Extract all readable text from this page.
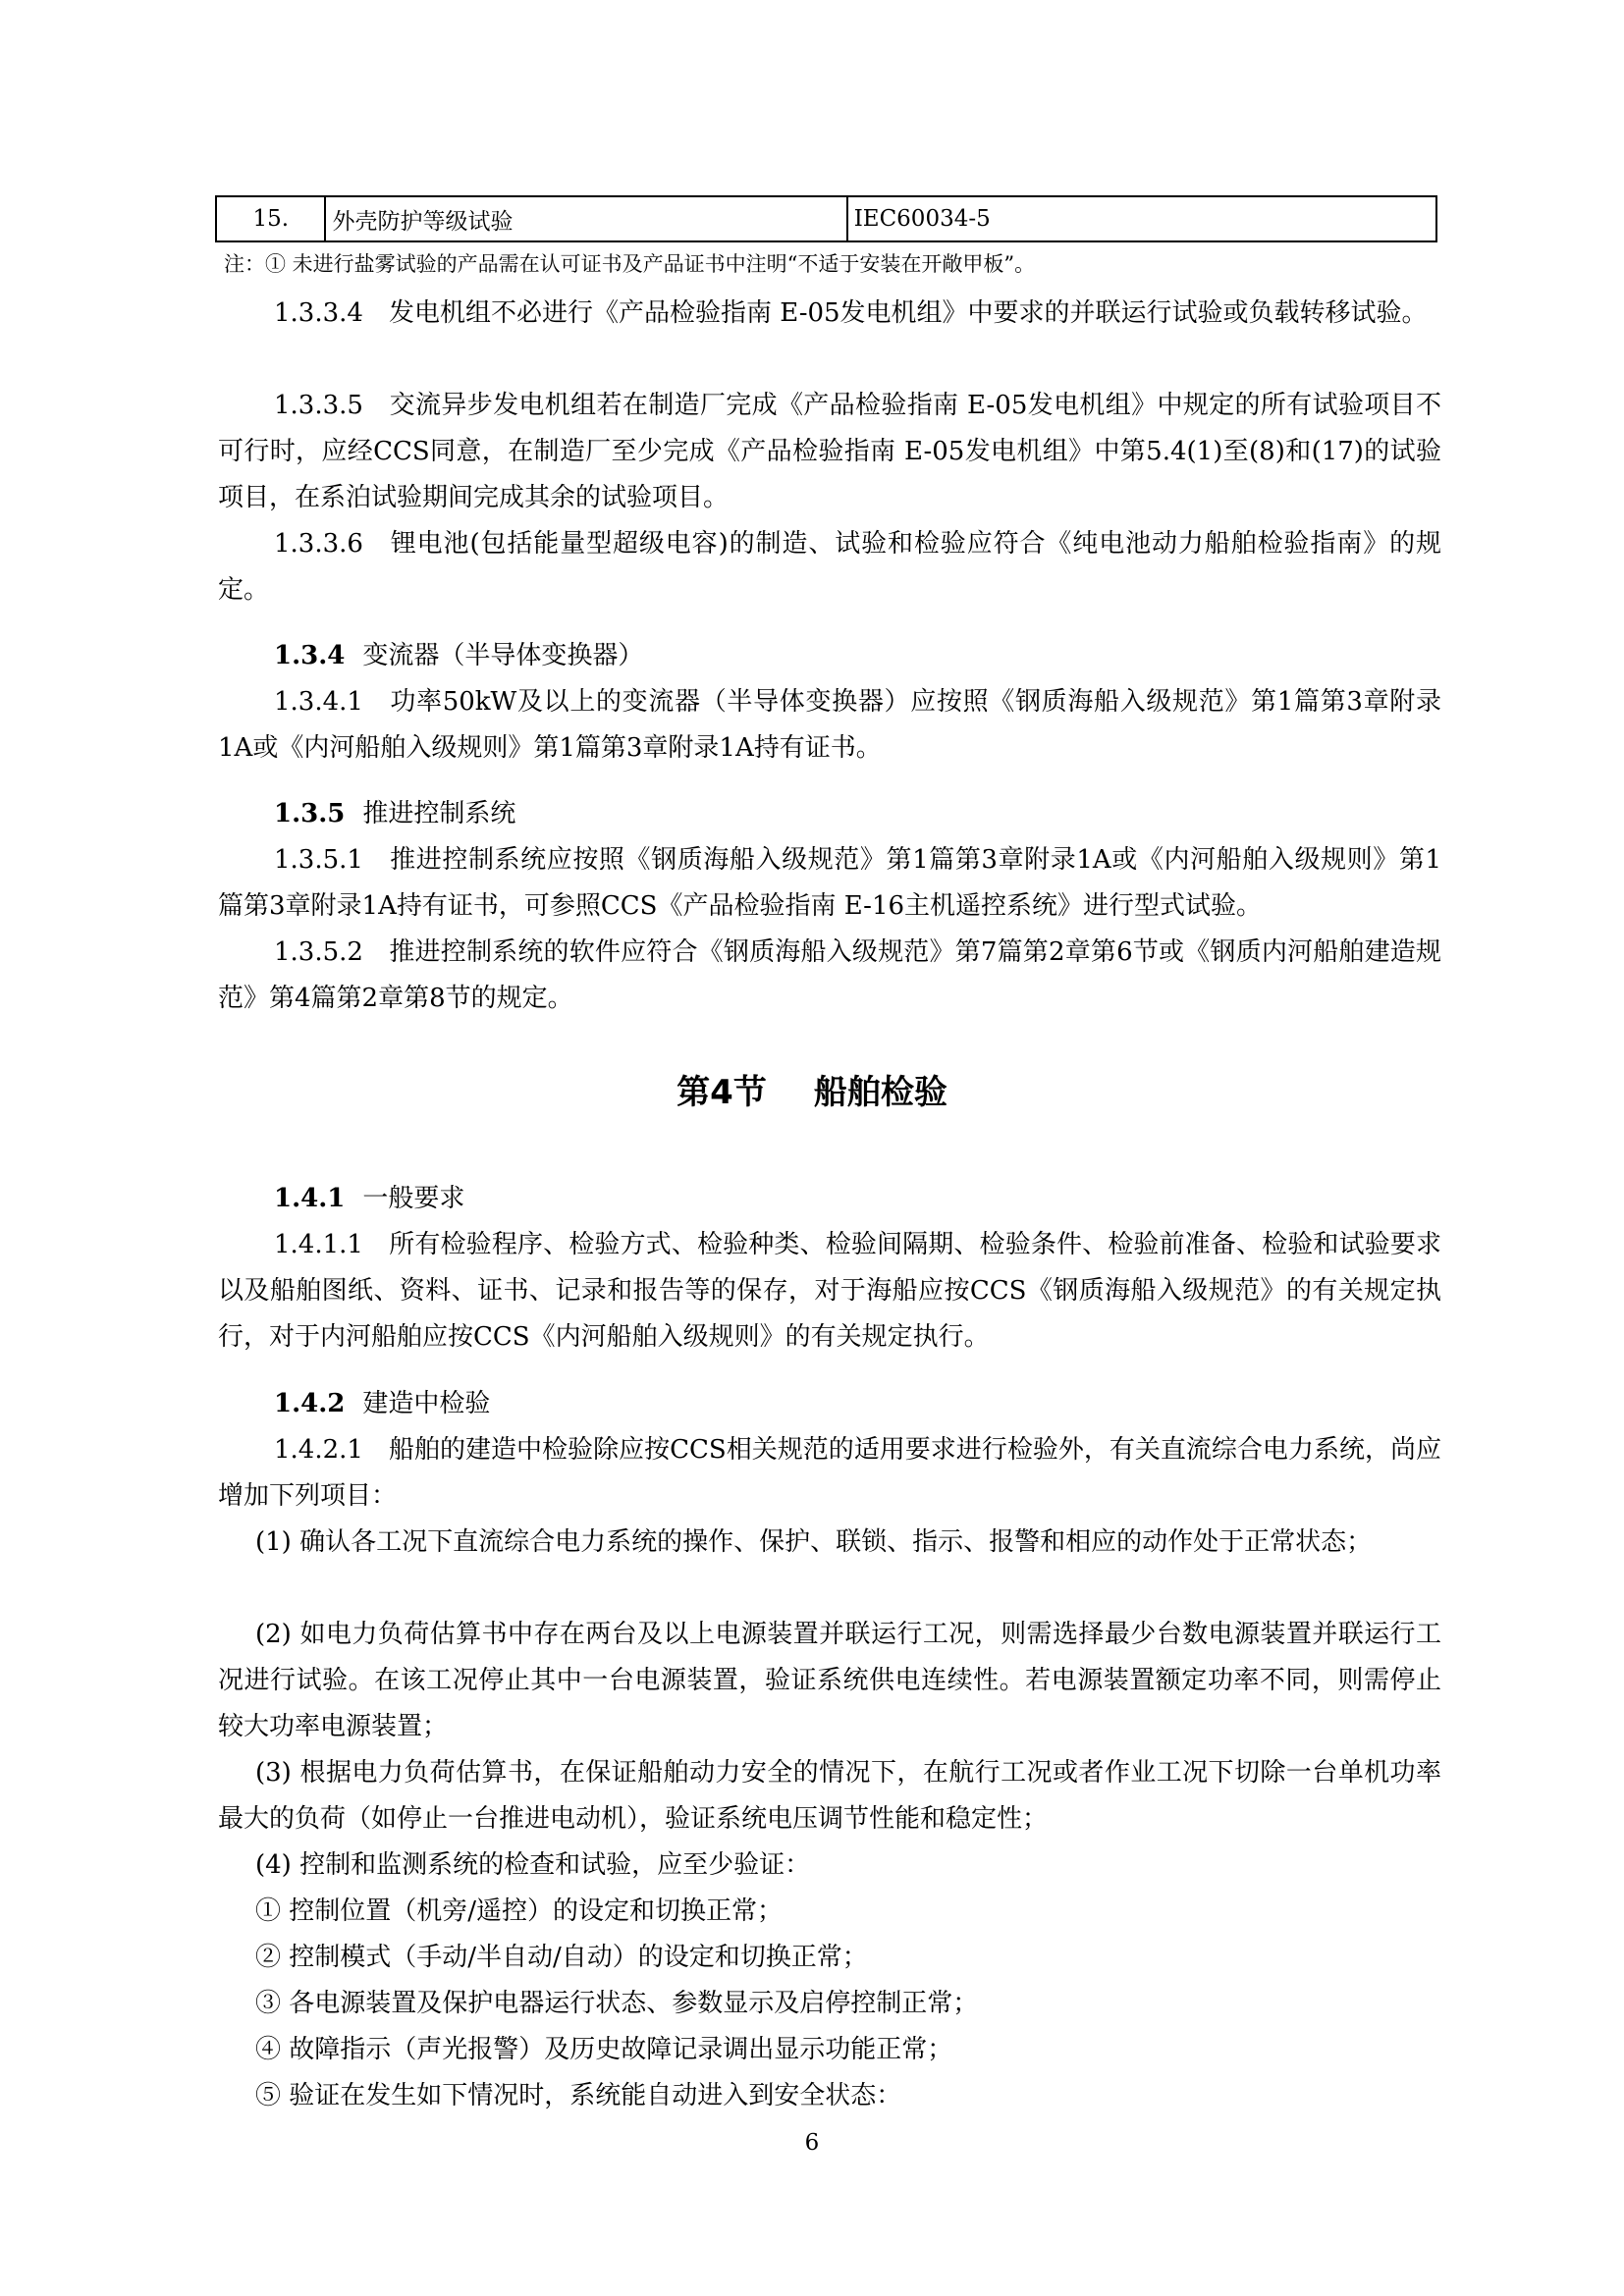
15.	外壳防护等级试验	IEC60034-5
注：① 未进行盐雾试验的产品需在认可证书及产品证书中注明“不适于安装在开敞甲板”。
1.3.3.4　发电机组不必进行《产品检验指南 E-05发电机组》中要求的并联运行试验或负载转移试验。
1.3.3.5　交流异步发电机组若在制造厂完成《产品检验指南 E-05发电机组》中规定的所有试验项目不可行时，应经CCS同意，在制造厂至少完成《产品检验指南 E-05发电机组》中第5.4(1)至(8)和(17)的试验项目，在系泊试验期间完成其余的试验项目。
1.3.3.6　锂电池(包括能量型超级电容)的制造、试验和检验应符合《纯电池动力船舶检验指南》的规定。
1.3.4 变流器（半导体变换器）
1.3.4.1　功率50kW及以上的变流器（半导体变换器）应按照《钢质海船入级规范》第1篇第3章附录1A或《内河船舶入级规则》第1篇第3章附录1A持有证书。
1.3.5 推进控制系统
1.3.5.1　推进控制系统应按照《钢质海船入级规范》第1篇第3章附录1A或《内河船舶入级规则》第1篇第3章附录1A持有证书，可参照CCS《产品检验指南 E-16主机遥控系统》进行型式试验。
1.3.5.2　推进控制系统的软件应符合《钢质海船入级规范》第7篇第2章第6节或《钢质内河船舶建造规范》第4篇第2章第8节的规定。
第4节 船舶检验
1.4.1 一般要求
1.4.1.1　所有检验程序、检验方式、检验种类、检验间隔期、检验条件、检验前准备、检验和试验要求以及船舶图纸、资料、证书、记录和报告等的保存，对于海船应按CCS《钢质海船入级规范》的有关规定执行，对于内河船舶应按CCS《内河船舶入级规则》的有关规定执行。
1.4.2 建造中检验
1.4.2.1　船舶的建造中检验除应按CCS相关规范的适用要求进行检验外，有关直流综合电力系统，尚应增加下列项目：
(1) 确认各工况下直流综合电力系统的操作、保护、联锁、指示、报警和相应的动作处于正常状态；
(2) 如电力负荷估算书中存在两台及以上电源装置并联运行工况，则需选择最少台数电源装置并联运行工况进行试验。在该工况停止其中一台电源装置，验证系统供电连续性。若电源装置额定功率不同，则需停止较大功率电源装置；
(3) 根据电力负荷估算书，在保证船舶动力安全的情况下，在航行工况或者作业工况下切除一台单机功率最大的负荷（如停止一台推进电动机），验证系统电压调节性能和稳定性；
(4) 控制和监测系统的检查和试验，应至少验证：
① 控制位置（机旁/遥控）的设定和切换正常；
② 控制模式（手动/半自动/自动）的设定和切换正常；
③ 各电源装置及保护电器运行状态、参数显示及启停控制正常；
④ 故障指示（声光报警）及历史故障记录调出显示功能正常；
⑤ 验证在发生如下情况时，系统能自动进入到安全状态：
6
